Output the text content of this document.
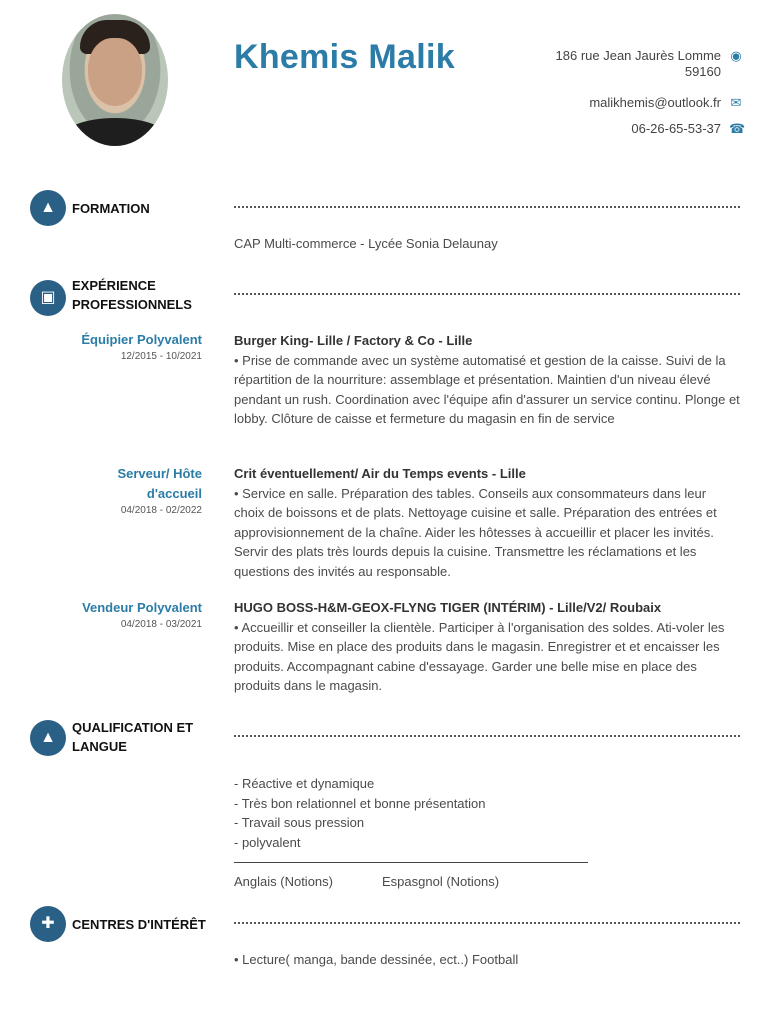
Khemis Malik	186 rue Jean Jaurès Lomme ◉
59160
malikhemis@outlook.fr ✉
06-26-65-53-37 ☎
▲	FORMATION
CAP Multi-commerce - Lycée Sonia Delaunay
▣
EXPÉRIENCE
PROFESSIONNELS
Équipier Polyvalent
12/2015 - 10/2021
Burger King- Lille / Factory & Co - Lille
• Prise de commande avec un système automatisé et gestion de la caisse. Suivi de la répartition de la nourriture: assemblage et présentation. Maintien d'un niveau élevé pendant un rush. Coordination avec l'équipe afin d'assurer un service continu. Plonge et lobby. Clôture de caisse et fermeture du magasin en fin de service
Serveur/ Hôte
d'accueil
04/2018 - 02/2022
Crit éventuellement/ Air du Temps events - Lille
• Service en salle. Préparation des tables. Conseils aux consommateurs dans leur choix de boissons et de plats. Nettoyage cuisine et salle. Préparation des entrées et approvisionnement de la chaîne. Aider les hôtesses à accueillir et placer les invités. Servir des plats très lourds depuis la cuisine. Transmettre les réclamations et les questions des invités au responsable.
Vendeur Polyvalent
04/2018 - 03/2021
HUGO BOSS-H&M-GEOX-FLYNG TIGER (INTÉRIM) - Lille/V2/ Roubaix
• Accueillir et conseiller la clientèle. Participer à l'organisation des soldes. Ati-voler les produits. Mise en place des produits dans le magasin. Enregistrer et et encaisser les produits. Accompagnant cabine d'essayage. Garder une belle mise en place des produits dans le magasin.
▲
QUALIFICATION ET
LANGUE
- Réactive et dynamique
- Très bon relationnel et bonne présentation
- Travail sous pression
- polyvalent
Anglais (Notions)	Espasgnol (Notions)
✚	CENTRES D'INTÉRÊT
• Lecture( manga, bande dessinée, ect..) Football
